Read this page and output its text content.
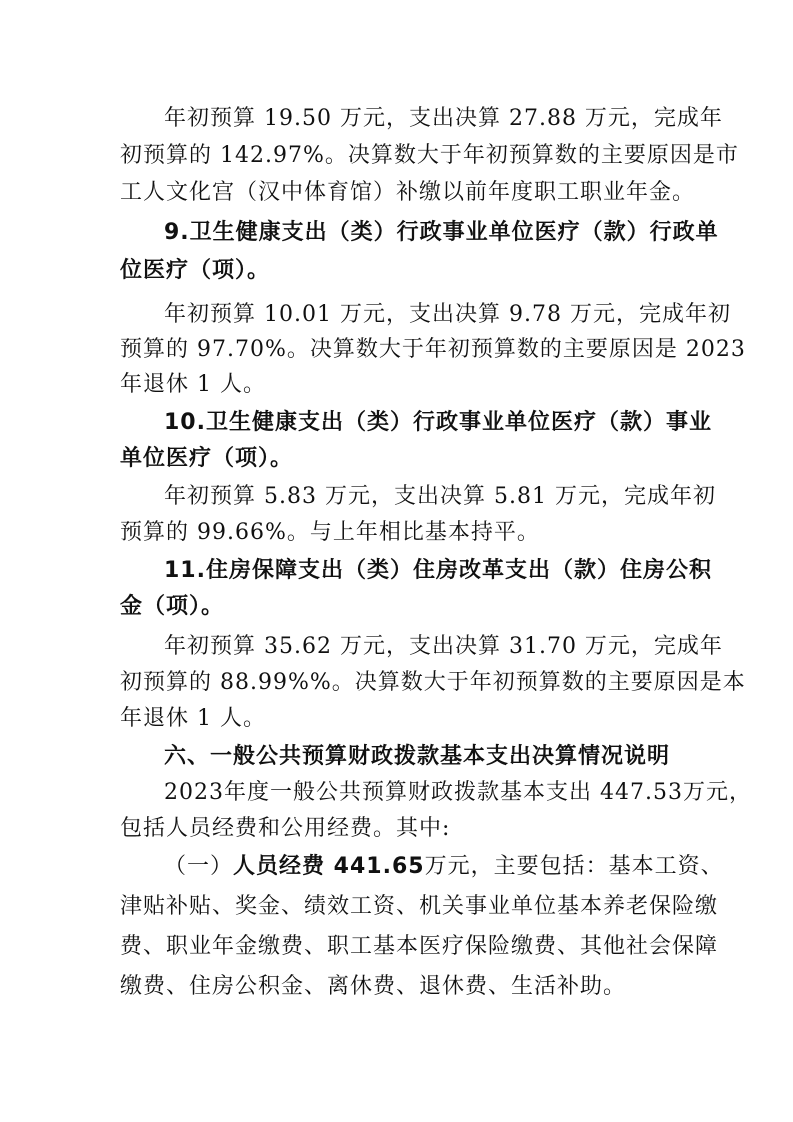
年初预算 19.50 万元，支出决算 27.88 万元，完成年
初预算的 142.97%。决算数大于年初预算数的主要原因是市
工人文化宫（汉中体育馆）补缴以前年度职工职业年金。
9.卫生健康支出（类）行政事业单位医疗（款）行政单
位医疗（项）。
年初预算 10.01 万元，支出决算 9.78 万元，完成年初
预算的 97.70%。决算数大于年初预算数的主要原因是 2023
年退休 1 人。
10.卫生健康支出（类）行政事业单位医疗（款）事业
单位医疗（项）。
年初预算 5.83 万元，支出决算 5.81 万元，完成年初
预算的 99.66%。与上年相比基本持平。
11.住房保障支出（类）住房改革支出（款）住房公积
金（项）。
年初预算 35.62 万元，支出决算 31.70 万元，完成年
初预算的 88.99%%。决算数大于年初预算数的主要原因是本
年退休 1 人。
六、一般公共预算财政拨款基本支出决算情况说明
2023年度一般公共预算财政拨款基本支出 447.53万元，
包括人员经费和公用经费。其中:
（一）人员经费 441.65万元，主要包括：基本工资、
津贴补贴、奖金、绩效工资、机关事业单位基本养老保险缴
费、职业年金缴费、职工基本医疗保险缴费、其他社会保障
缴费、住房公积金、离休费、退休费、生活补助。
